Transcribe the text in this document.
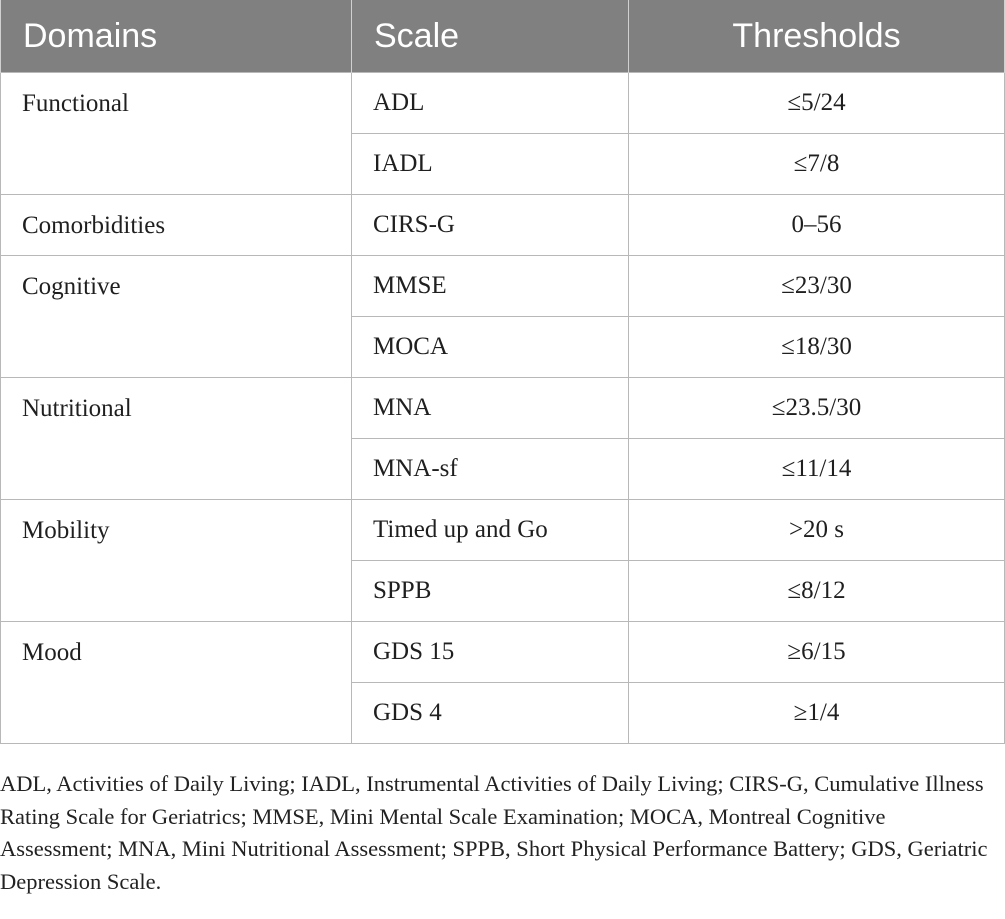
Domains	Scale	Thresholds
Functional	ADL	≤5/24
	IADL	≤7/8
Comorbidities	CIRS-G	0–56
Cognitive	MMSE	≤23/30
	MOCA	≤18/30
Nutritional	MNA	≤23.5/30
	MNA-sf	≤11/14
Mobility	Timed up and Go	>20 s
	SPPB	≤8/12
Mood	GDS 15	≥6/15
	GDS 4	≥1/4
ADL, Activities of Daily Living; IADL, Instrumental Activities of Daily Living; CIRS-G, Cumulative Illness Rating Scale for Geriatrics; MMSE, Mini Mental Scale Examination; MOCA, Montreal Cognitive Assessment; MNA, Mini Nutritional Assessment; SPPB, Short Physical Performance Battery; GDS, Geriatric Depression Scale.
